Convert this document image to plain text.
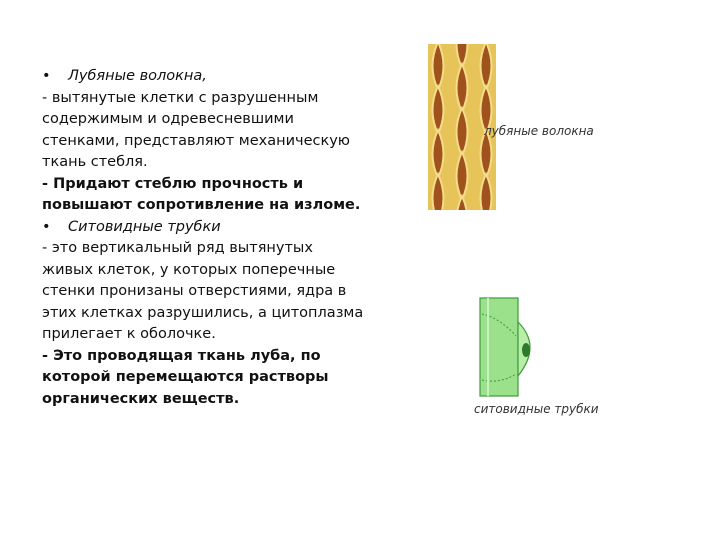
•	Лубяные волокна,
- вытянутые клетки с разрушенным
содержимым и одревесневшими
стенками, представляют механическую
ткань стебля.
- Придают стеблю прочность и
повышают сопротивление на изломе.
•	Ситовидные трубки
- это вертикальный ряд вытянутых
живых клеток, у которых поперечные
стенки пронизаны отверстиями, ядра в
этих клетках разрушились, а цитоплазма
прилегает к оболочке.
- Это проводящая ткань луба, по
которой перемещаются растворы
органических веществ.
лубяные волокна
ситовидные трубки
